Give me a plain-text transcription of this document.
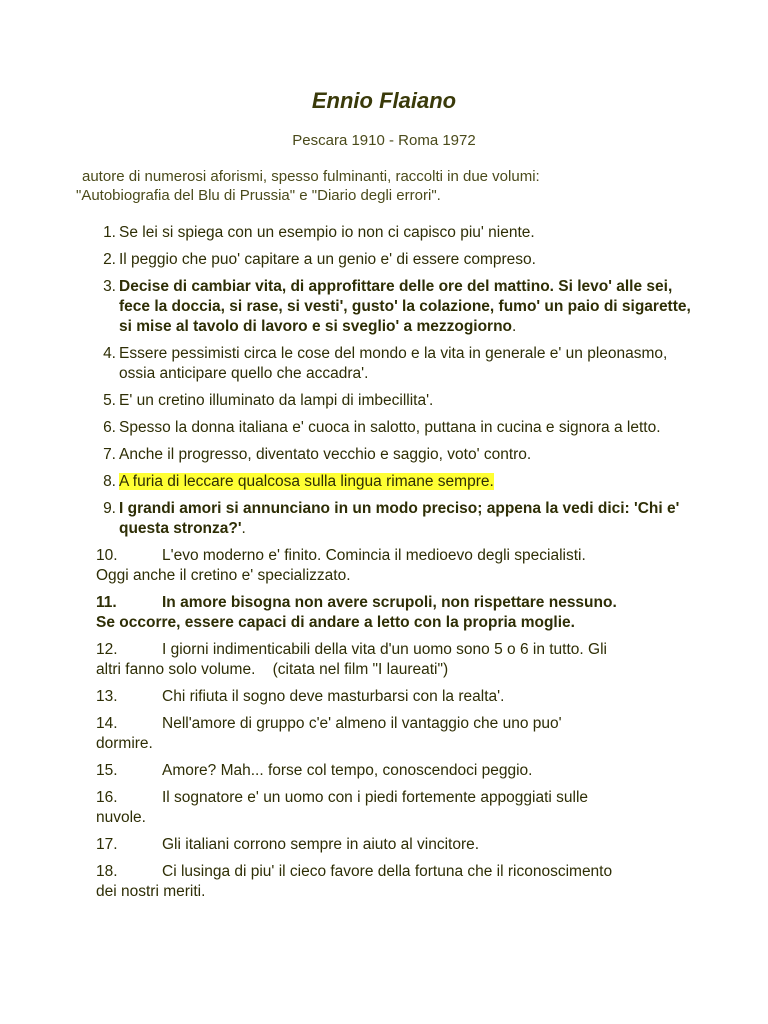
Ennio Flaiano
Pescara 1910 - Roma 1972
autore di numerosi aforismi, spesso fulminanti, raccolti in due volumi:
"Autobiografia del Blu di Prussia" e "Diario degli errori".
1. Se lei si spiega con un esempio io non ci capisco piu' niente.
2. Il peggio che puo' capitare a un genio e' di essere compreso.
3. Decise di cambiar vita, di approfittare delle ore del mattino. Si levo' alle sei, fece la doccia, si rase, si vesti', gusto' la colazione, fumo' un paio di sigarette, si mise al tavolo di lavoro e si sveglio' a mezzogiorno.
4. Essere pessimisti circa le cose del mondo e la vita in generale e' un pleonasmo, ossia anticipare quello che accadra'.
5. E' un cretino illuminato da lampi di imbecillita'.
6. Spesso la donna italiana e' cuoca in salotto, puttana in cucina e signora a letto.
7. Anche il progresso, diventato vecchio e saggio, voto' contro.
8. A furia di leccare qualcosa sulla lingua rimane sempre.
9. I grandi amori si annunciano in un modo preciso; appena la vedi dici: 'Chi e' questa stronza?'.
10.	L'evo moderno e' finito. Comincia il medioevo degli specialisti.
Oggi anche il cretino e' specializzato.
11.	In amore bisogna non avere scrupoli, non rispettare nessuno.
Se occorre, essere capaci di andare a letto con la propria moglie.
12.	I giorni indimenticabili della vita d'un uomo sono 5 o 6 in tutto. Gli
altri fanno solo volume.    (citata nel film "I laureati")
13.	Chi rifiuta il sogno deve masturbarsi con la realta'.
14.	Nell'amore di gruppo c'e' almeno il vantaggio che uno puo'
dormire.
15.	Amore? Mah... forse col tempo, conoscendoci peggio.
16.	Il sognatore e' un uomo con i piedi fortemente appoggiati sulle
nuvole.
17.	Gli italiani corrono sempre in aiuto al vincitore.
18.	Ci lusinga di piu' il cieco favore della fortuna che il riconoscimento
dei nostri meriti.
